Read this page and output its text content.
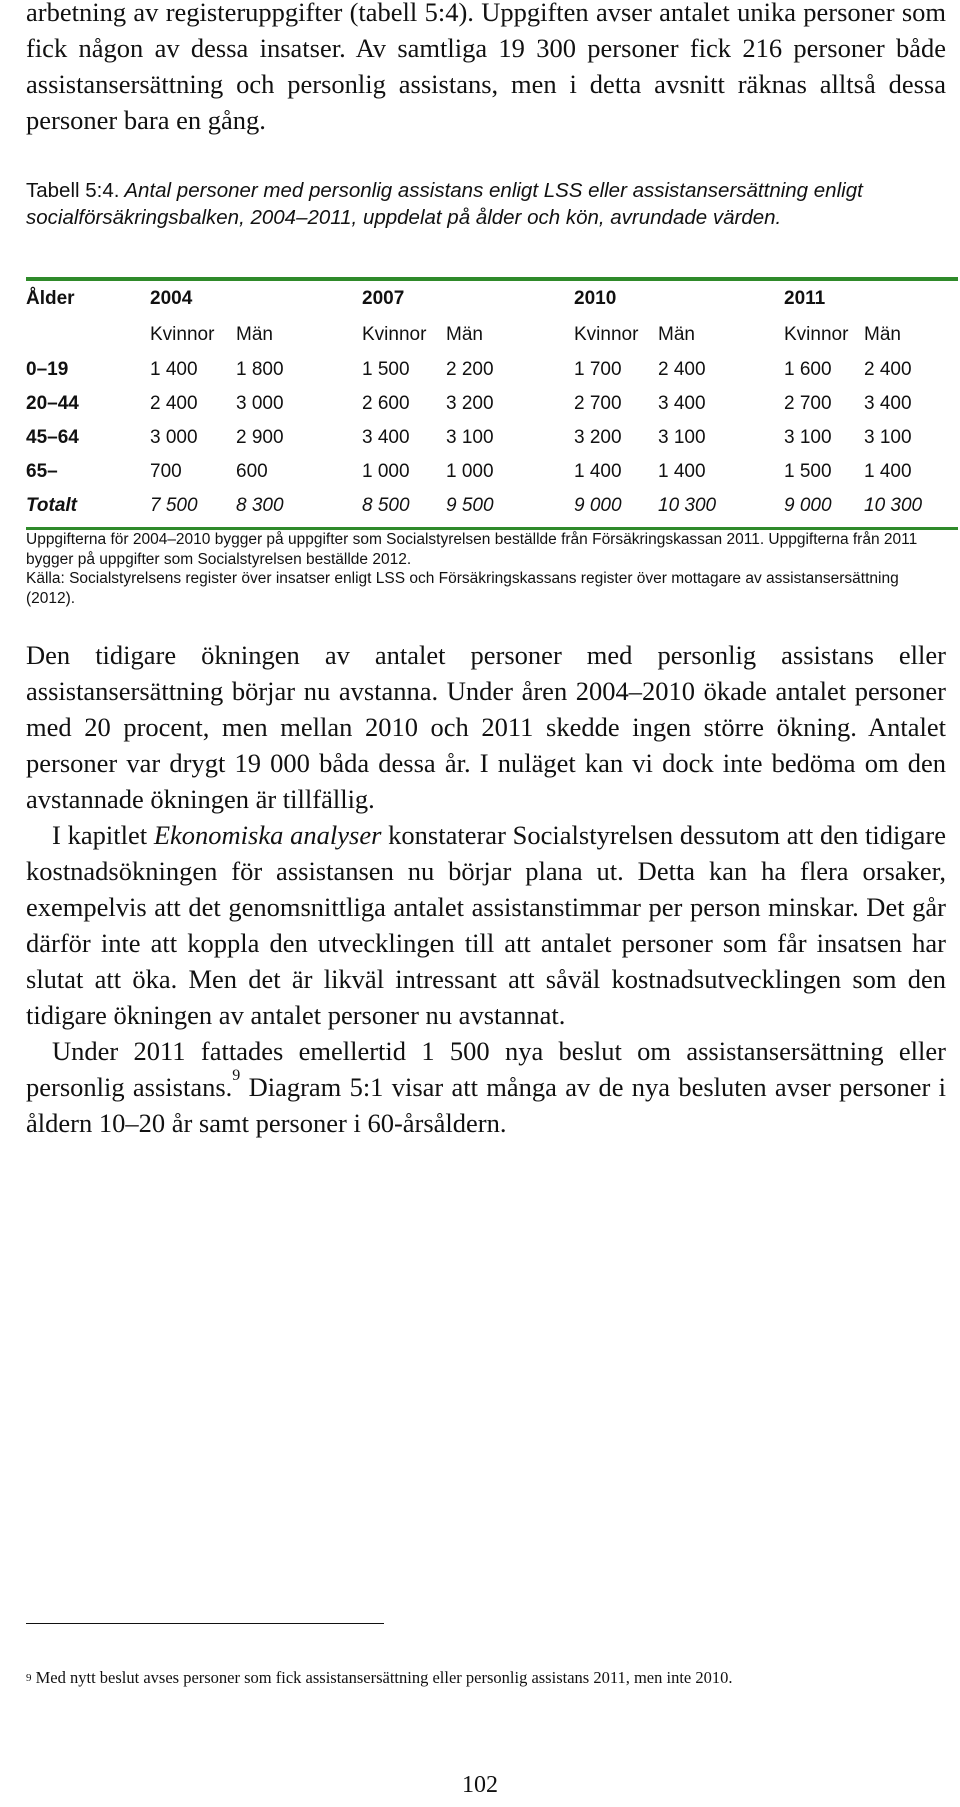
arbetning av registeruppgifter (tabell 5:4). Uppgiften avser antalet unika personer som fick någon av dessa insatser. Av samtliga 19 300 personer fick 216 personer både assistansersättning och personlig assistans, men i detta avsnitt räknas alltså dessa personer bara en gång.

Tabell 5:4. Antal personer med personlig assistans enligt LSS eller assistansersättning enligt socialförsäkringsbalken, 2004–2011, uppdelat på ålder och kön, avrundade värden.
Ålder	2004		2007		2010		2011	
	Kvinnor	Män	Kvinnor	Män	Kvinnor	Män	Kvinnor	Män
0–19	1 400	1 800	1 500	2 200	1 700	2 400	1 600	2 400
20–44	2 400	3 000	2 600	3 200	2 700	3 400	2 700	3 400
45–64	3 000	2 900	3 400	3 100	3 200	3 100	3 100	3 100
65–	700	600	1 000	1 000	1 400	1 400	1 500	1 400
Totalt	7 500	8 300	8 500	9 500	9 000	10 300	9 000	10 300

Uppgifterna för 2004–2010 bygger på uppgifter som Socialstyrelsen beställde från Försäkringskassan 2011. Uppgifterna från 2011 bygger på uppgifter som Socialstyrelsen beställde 2012.

Källa: Socialstyrelsens register över insatser enligt LSS och Försäkringskassans register över mottagare av assistansersättning (2012).

Den tidigare ökningen av antalet personer med personlig assistans eller assistansersättning börjar nu avstanna. Under åren 2004–2010 ökade antalet personer med 20 procent, men mellan 2010 och 2011 skedde ingen större ökning. Antalet personer var drygt 19 000 båda dessa år. I nuläget kan vi dock inte bedöma om den avstannade ökningen är tillfällig.

I kapitlet Ekonomiska analyser konstaterar Socialstyrelsen dessutom att den tidigare kostnadsökningen för assistansen nu börjar plana ut. Detta kan ha flera orsaker, exempelvis att det genomsnittliga antalet assistanstimmar per person minskar. Det går därför inte att koppla den utvecklingen till att antalet personer som får insatsen har slutat att öka. Men det är likväl intressant att såväl kostnadsutvecklingen som den tidigare ökningen av antalet personer nu avstannat.

Under 2011 fattades emellertid 1 500 nya beslut om assistansersättning eller personlig assistans.$^9$ Diagram 5:1 visar att många av de nya besluten avser personer i åldern 10–20 år samt personer i 60-årsåldern.

$^9$ Med nytt beslut avses personer som fick assistansersättning eller personlig assistans 2011, men inte 2010.
102
